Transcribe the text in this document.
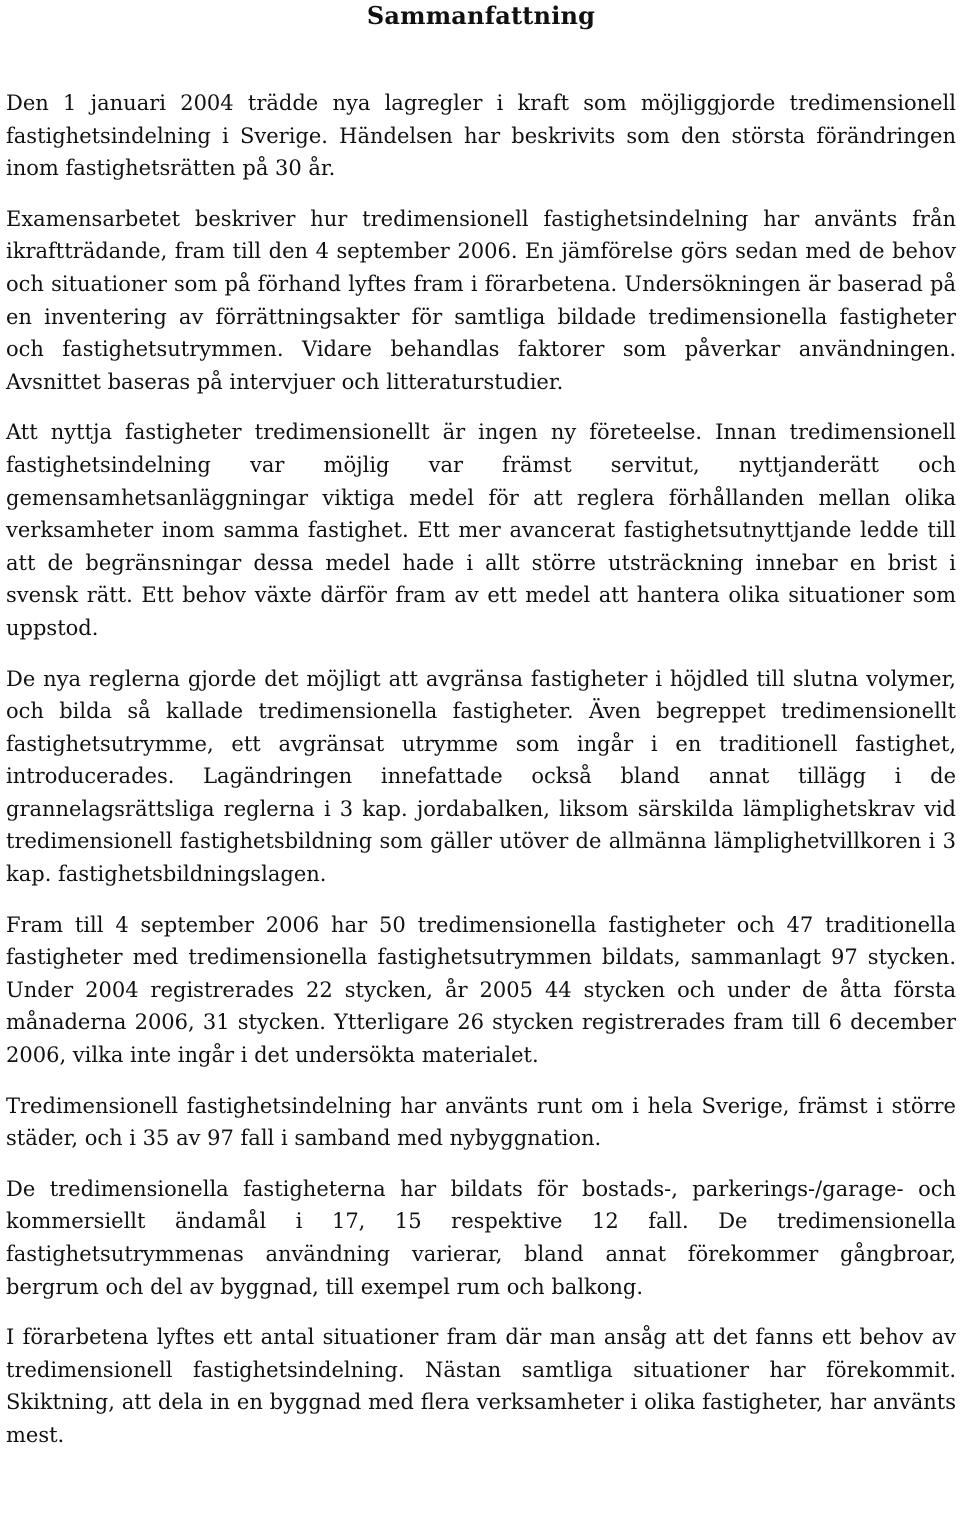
Sammanfattning

Den 1 januari 2004 trädde nya lagregler i kraft som möjliggjorde tredimensionell fastighetsindelning i Sverige. Händelsen har beskrivits som den största förändringen inom fastighetsrätten på 30 år.

Examensarbetet beskriver hur tredimensionell fastighetsindelning har använts från ikraftträdande, fram till den 4 september 2006. En jämförelse görs sedan med de behov och situationer som på förhand lyftes fram i förarbetena. Undersökningen är baserad på en inventering av förrättningsakter för samtliga bildade tredimensionella fastigheter och fastighetsutrymmen. Vidare behandlas faktorer som påverkar användningen. Avsnittet baseras på intervjuer och litteraturstudier.

Att nyttja fastigheter tredimensionellt är ingen ny företeelse. Innan tredimensionell fastighetsindelning var möjlig var främst servitut, nyttjanderätt och gemensamhetsanläggningar viktiga medel för att reglera förhållanden mellan olika verksamheter inom samma fastighet. Ett mer avancerat fastighetsutnyttjande ledde till att de begränsningar dessa medel hade i allt större utsträckning innebar en brist i svensk rätt. Ett behov växte därför fram av ett medel att hantera olika situationer som uppstod.

De nya reglerna gjorde det möjligt att avgränsa fastigheter i höjdled till slutna volymer, och bilda så kallade tredimensionella fastigheter. Även begreppet tredimensionellt fastighetsutrymme, ett avgränsat utrymme som ingår i en traditionell fastighet, introducerades. Lagändringen innefattade också bland annat tillägg i de grannelagsrättsliga reglerna i 3 kap. jordabalken, liksom särskilda lämplighetskrav vid tredimensionell fastighetsbildning som gäller utöver de allmänna lämplighetvillkoren i 3 kap. fastighetsbildningslagen.

Fram till 4 september 2006 har 50 tredimensionella fastigheter och 47 traditionella fastigheter med tredimensionella fastighetsutrymmen bildats, sammanlagt 97 stycken. Under 2004 registrerades 22 stycken, år 2005 44 stycken och under de åtta första månaderna 2006, 31 stycken. Ytterligare 26 stycken registrerades fram till 6 december 2006, vilka inte ingår i det undersökta materialet.

Tredimensionell fastighetsindelning har använts runt om i hela Sverige, främst i större städer, och i 35 av 97 fall i samband med nybyggnation.

De tredimensionella fastigheterna har bildats för bostads-, parkerings-/garage- och kommersiellt ändamål i 17, 15 respektive 12 fall. De tredimensionella fastighetsutrymmenas användning varierar, bland annat förekommer gångbroar, bergrum och del av byggnad, till exempel rum och balkong.

I förarbetena lyftes ett antal situationer fram där man ansåg att det fanns ett behov av tredimensionell fastighetsindelning. Nästan samtliga situationer har förekommit. Skiktning, att dela in en byggnad med flera verksamheter i olika fastigheter, har använts mest.
